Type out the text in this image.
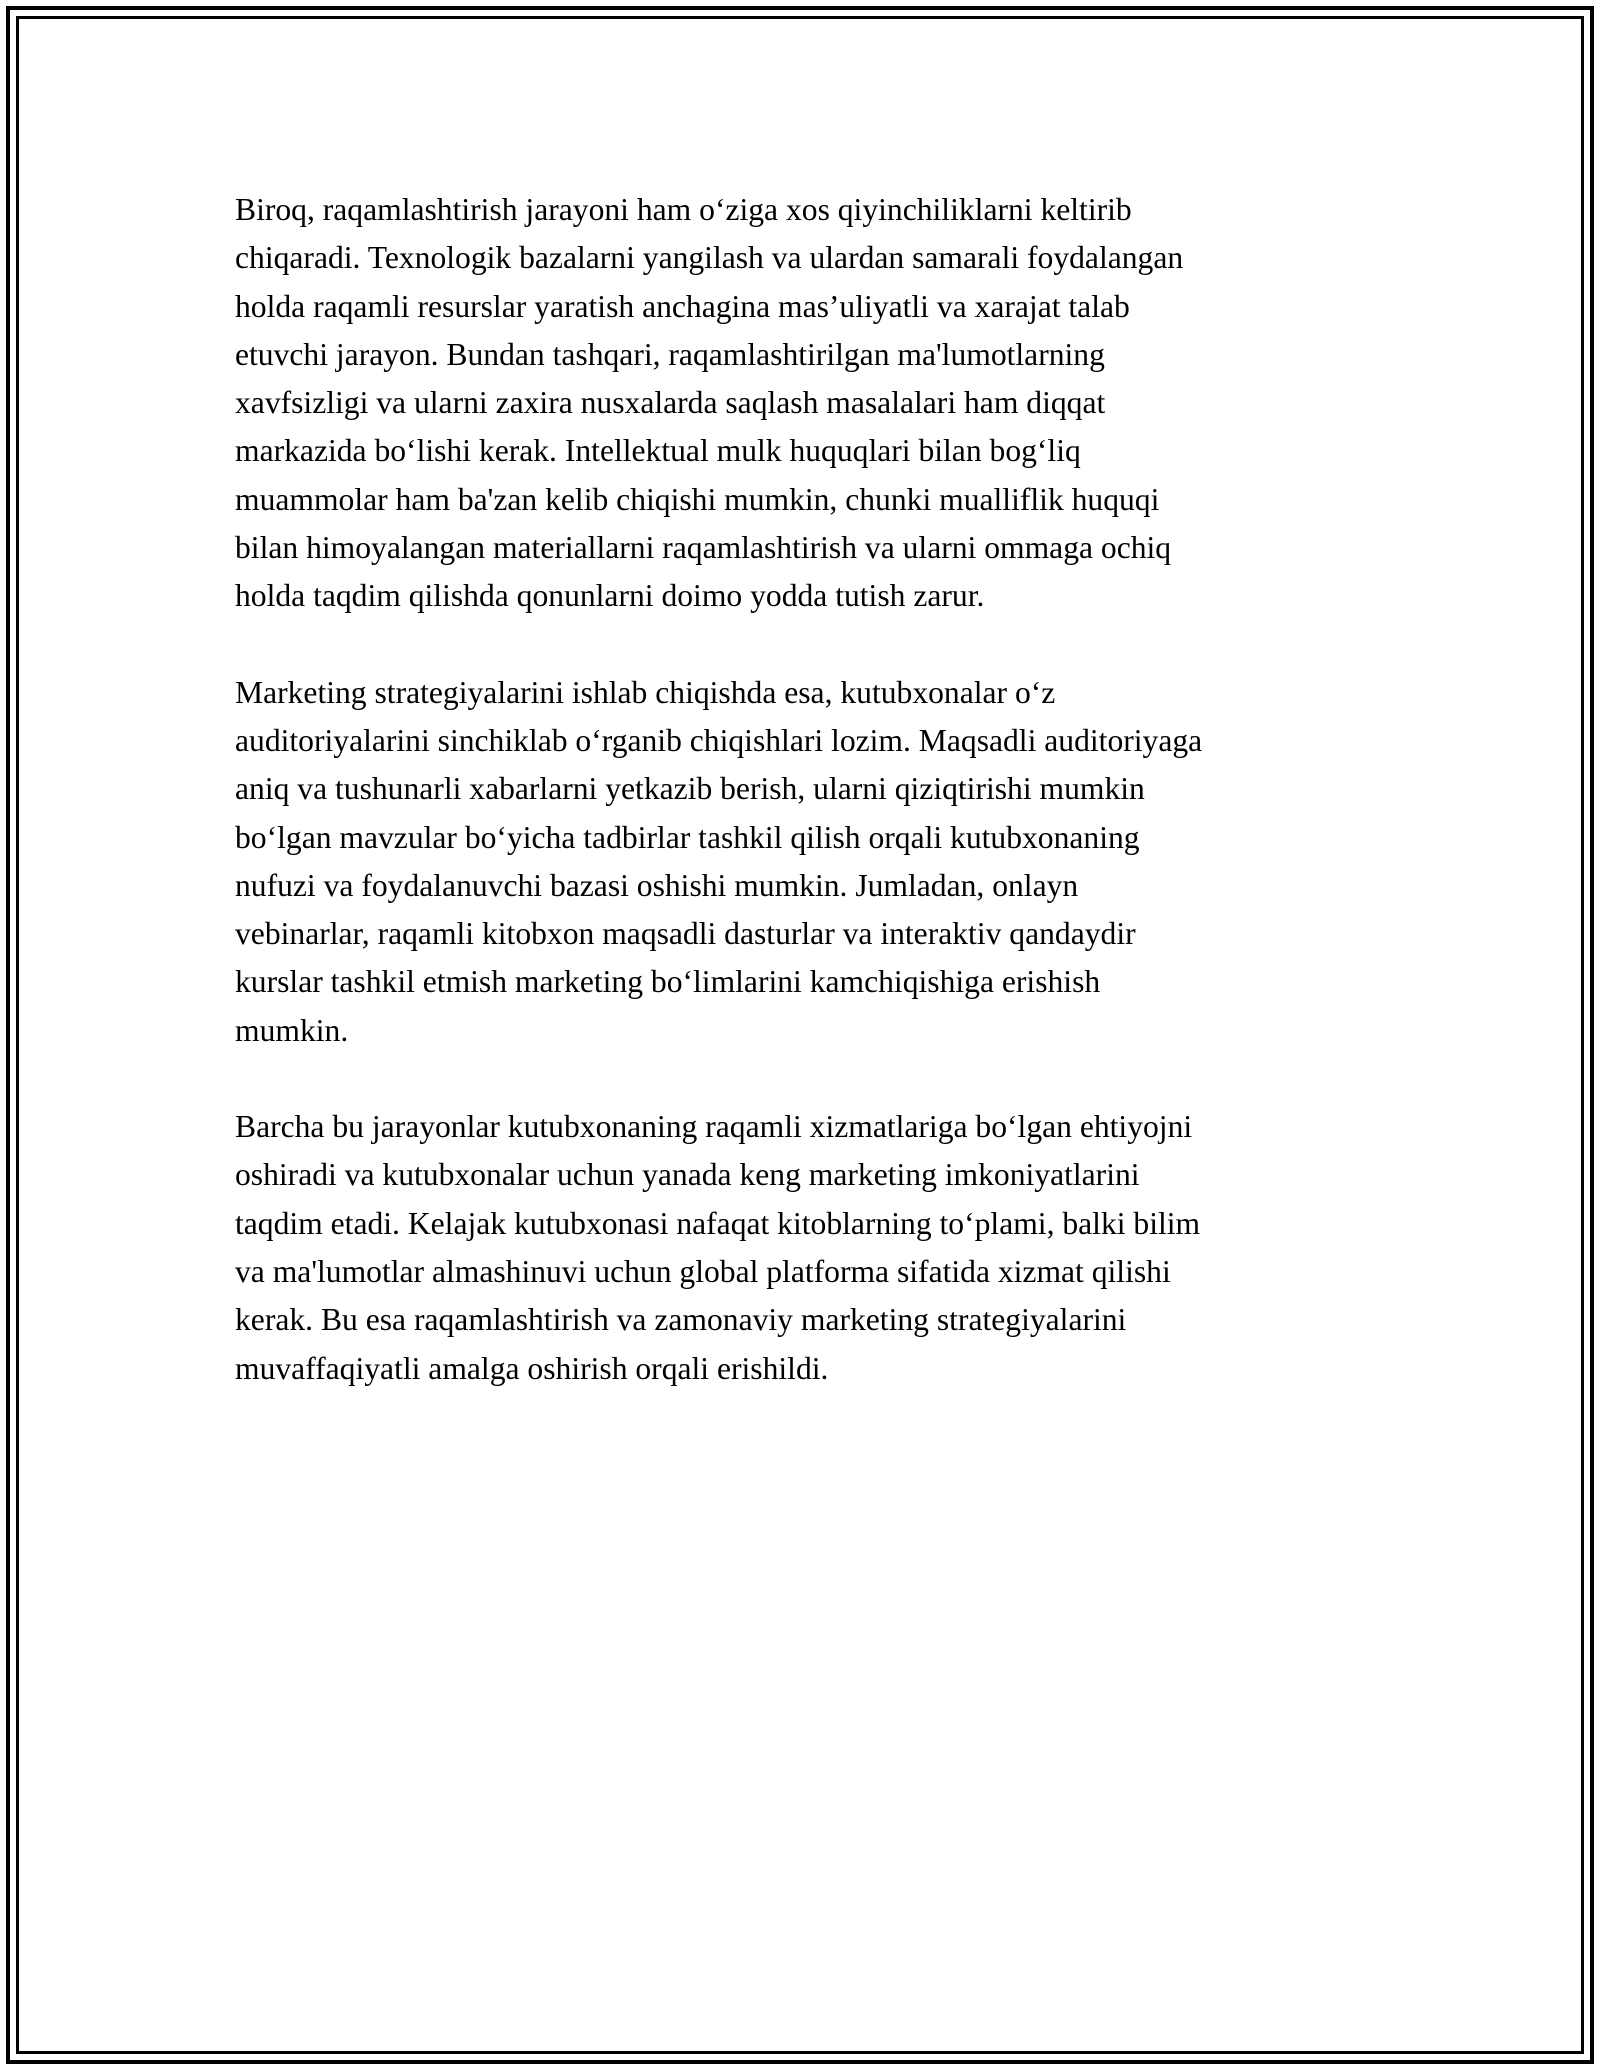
Biroq, raqamlashtirish jarayoni ham o‘ziga xos qiyinchiliklarni keltirib
chiqaradi. Texnologik bazalarni yangilash va ulardan samarali foydalangan
holda raqamli resurslar yaratish anchagina mas’uliyatli va xarajat talab
etuvchi jarayon. Bundan tashqari, raqamlashtirilgan ma'lumotlarning
xavfsizligi va ularni zaxira nusxalarda saqlash masalalari ham diqqat
markazida bo‘lishi kerak. Intellektual mulk huquqlari bilan bog‘liq
muammolar ham ba'zan kelib chiqishi mumkin, chunki mualliflik huquqi
bilan himoyalangan materiallarni raqamlashtirish va ularni ommaga ochiq
holda taqdim qilishda qonunlarni doimo yodda tutish zarur.

Marketing strategiyalarini ishlab chiqishda esa, kutubxonalar o‘z
auditoriyalarini sinchiklab o‘rganib chiqishlari lozim. Maqsadli auditoriyaga
aniq va tushunarli xabarlarni yetkazib berish, ularni qiziqtirishi mumkin
bo‘lgan mavzular bo‘yicha tadbirlar tashkil qilish orqali kutubxonaning
nufuzi va foydalanuvchi bazasi oshishi mumkin. Jumladan, onlayn
vebinarlar, raqamli kitobxon maqsadli dasturlar va interaktiv qandaydir
kurslar tashkil etmish marketing bo‘limlarini kamchiqishiga erishish
mumkin.

Barcha bu jarayonlar kutubxonaning raqamli xizmatlariga bo‘lgan ehtiyojni
oshiradi va kutubxonalar uchun yanada keng marketing imkoniyatlarini
taqdim etadi. Kelajak kutubxonasi nafaqat kitoblarning to‘plami, balki bilim
va ma'lumotlar almashinuvi uchun global platforma sifatida xizmat qilishi
kerak. Bu esa raqamlashtirish va zamonaviy marketing strategiyalarini
muvaffaqiyatli amalga oshirish orqali erishildi.
